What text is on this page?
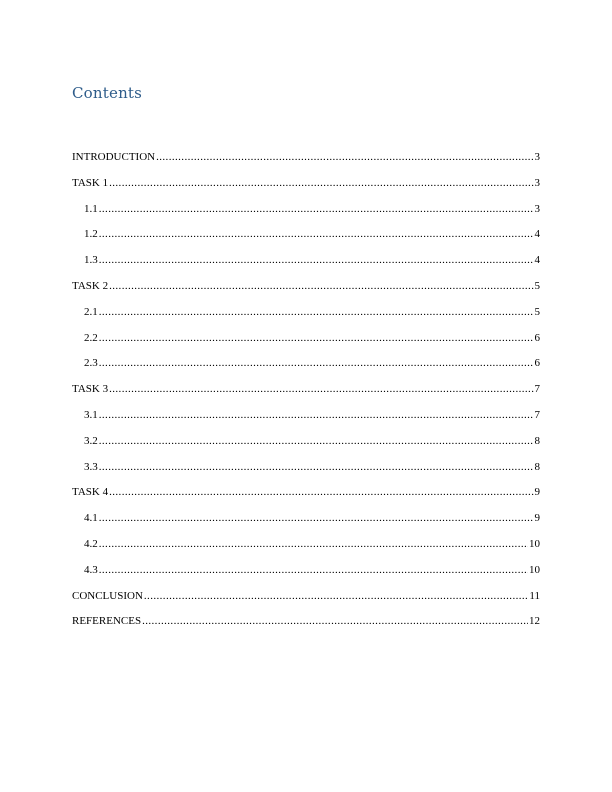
Contents
INTRODUCTION .....	3
TASK 1 .....	3
1.1 .....	3
1.2 .....	4
1.3 .....	4
TASK 2 .....	5
2.1 .....	5
2.2 .....	6
2.3 .....	6
TASK 3 .....	7
3.1 .....	7
3.2 .....	8
3.3 .....	8
TASK 4 .....	9
4.1 .....	9
4.2 .....	10
4.3 .....	10
CONCLUSION .....	11
REFERENCES .....	12
